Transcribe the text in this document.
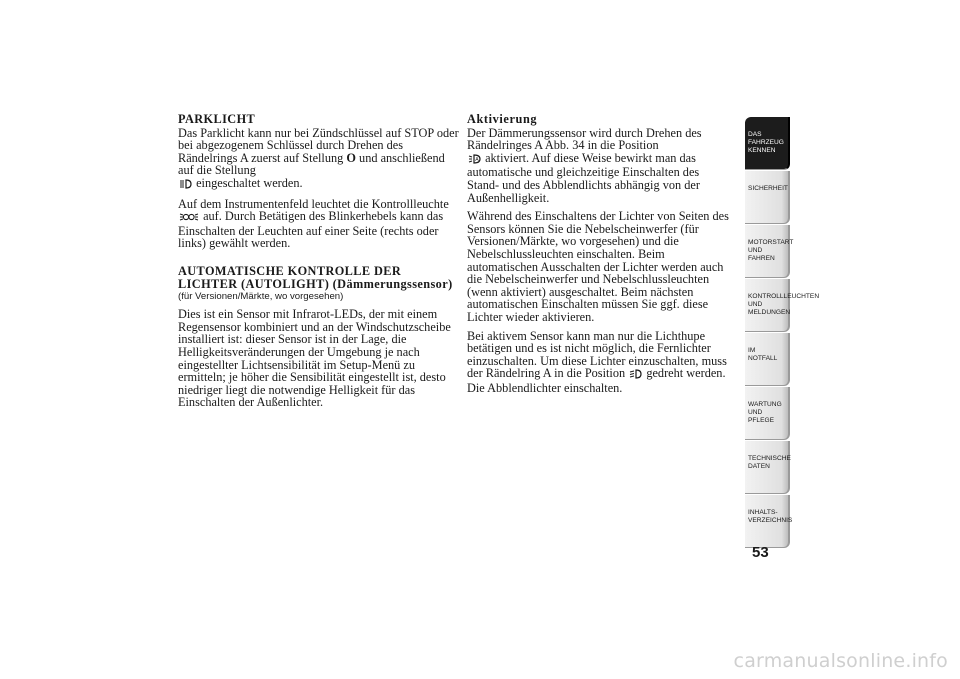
PARKLICHT

Das Parklicht kann nur bei Zündschlüssel auf STOP oder bei abgezogenem Schlüssel durch Drehen des Rändelrings A zuerst auf Stellung O und anschließend auf die Stellung
eingeschaltet werden.

Auf dem Instrumentenfeld leuchtet die Kontrollleuchte  auf. Durch Betätigen des Blinkerhebels kann das Einschalten der Leuchten auf einer Seite (rechts oder links) gewählt werden.

AUTOMATISCHE KONTROLLE DER LICHTER (AUTOLIGHT) (Dämmerungssensor)
(für Versionen/Märkte, wo vorgesehen)

Dies ist ein Sensor mit Infrarot-LEDs, der mit einem Regensensor kombiniert und an der Windschutzscheibe installiert ist: dieser Sensor ist in der Lage, die Helligkeitsveränderungen der Umgebung je nach eingestellter Lichtsensibilität im Setup-Menü zu ermitteln; je höher die Sensibilität eingestellt ist, desto niedriger liegt die notwendige Helligkeit für das Einschalten der Außenlichter.

Aktivierung

Der Dämmerungssensor wird durch Drehen des Rändelringes A Abb. 34 in die Position

A aktiviert. Auf diese Weise bewirkt man das automatische und gleichzeitige Einschalten des Stand- und des Abblendlichts abhängig von der Außenhelligkeit.

Während des Einschaltens der Lichter von Seiten des Sensors können Sie die Nebelscheinwerfer (für Versionen/Märkte, wo vorgesehen) und die Nebelschlussleuchten einschalten. Beim automatischen Ausschalten der Lichter werden auch die Nebelscheinwerfer und Nebelschlussleuchten (wenn aktiviert) ausgeschaltet. Beim nächsten automatischen Einschalten müssen Sie ggf. diese Lichter wieder aktivieren.

Bei aktivem Sensor kann man nur die Lichthupe betätigen und es ist nicht möglich, die Fernlichter einzuschalten. Um diese Lichter einzuschalten, muss der Rändelring A in die Position gedreht werden. Die Abblendlichter einschalten.

DAS FAHRZEUG KENNEN
SICHERHEIT
MOTORSTART UND FAHREN
KONTROLLLEUCHTEN UND MELDUNGEN
IM NOTFALL
WARTUNG UND PFLEGE
TECHNISCHE DATEN
INHALTS-VERZEICHNIS
53
carmanualsonline.info
